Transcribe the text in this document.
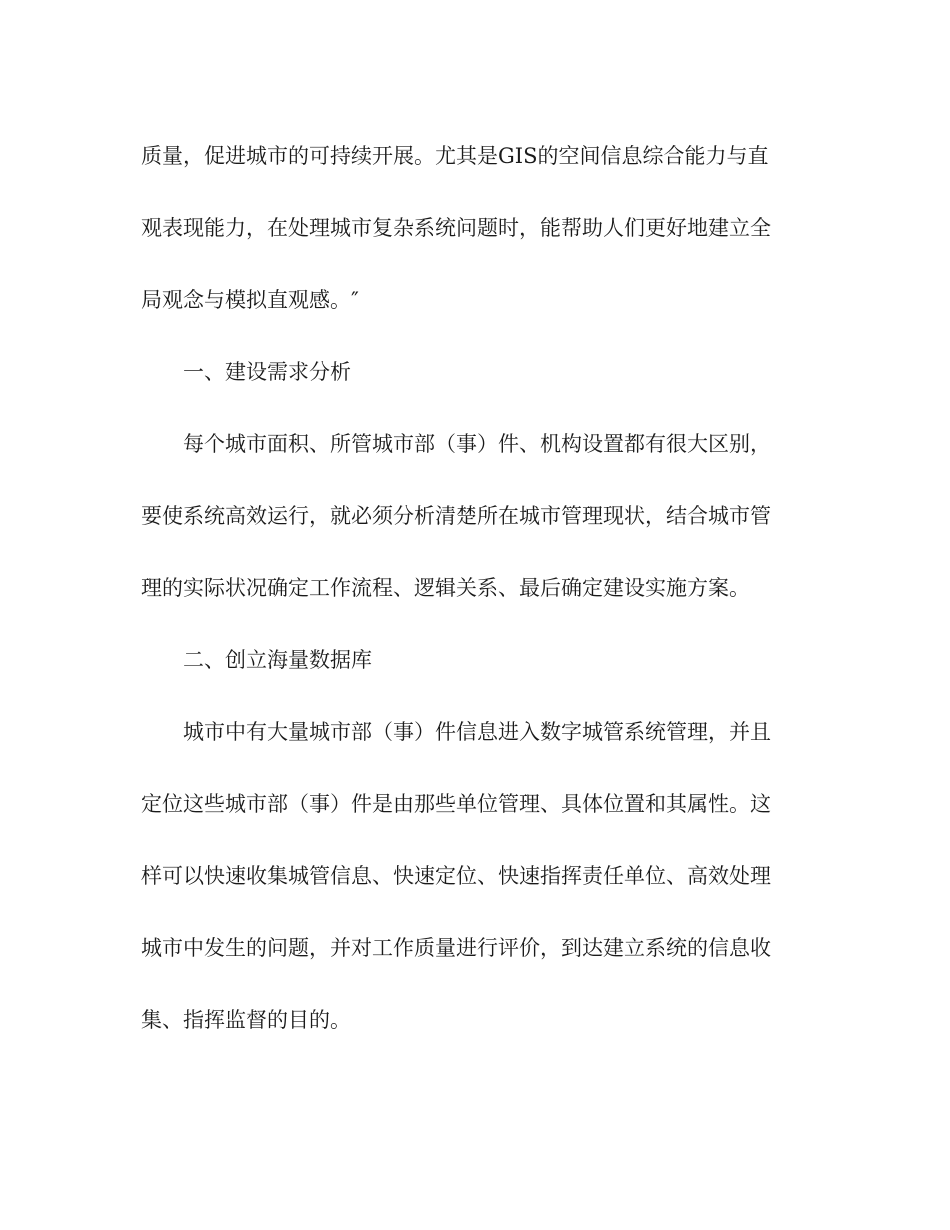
质量，促进城市的可持续开展。尤其是GIS的空间信息综合能力与直
观表现能力，在处理城市复杂系统问题时，能帮助人们更好地建立全
局观念与模拟直观感。″
一、建设需求分析
每个城市面积、所管城市部（事）件、机构设置都有很大区别，
要使系统高效运行，就必须分析清楚所在城市管理现状，结合城市管
理的实际状况确定工作流程、逻辑关系、最后确定建设实施方案。
二、创立海量数据库
城市中有大量城市部（事）件信息进入数字城管系统管理，并且
定位这些城市部（事）件是由那些单位管理、具体位置和其属性。这
样可以快速收集城管信息、快速定位、快速指挥责任单位、高效处理
城市中发生的问题，并对工作质量进行评价，到达建立系统的信息收
集、指挥监督的目的。
